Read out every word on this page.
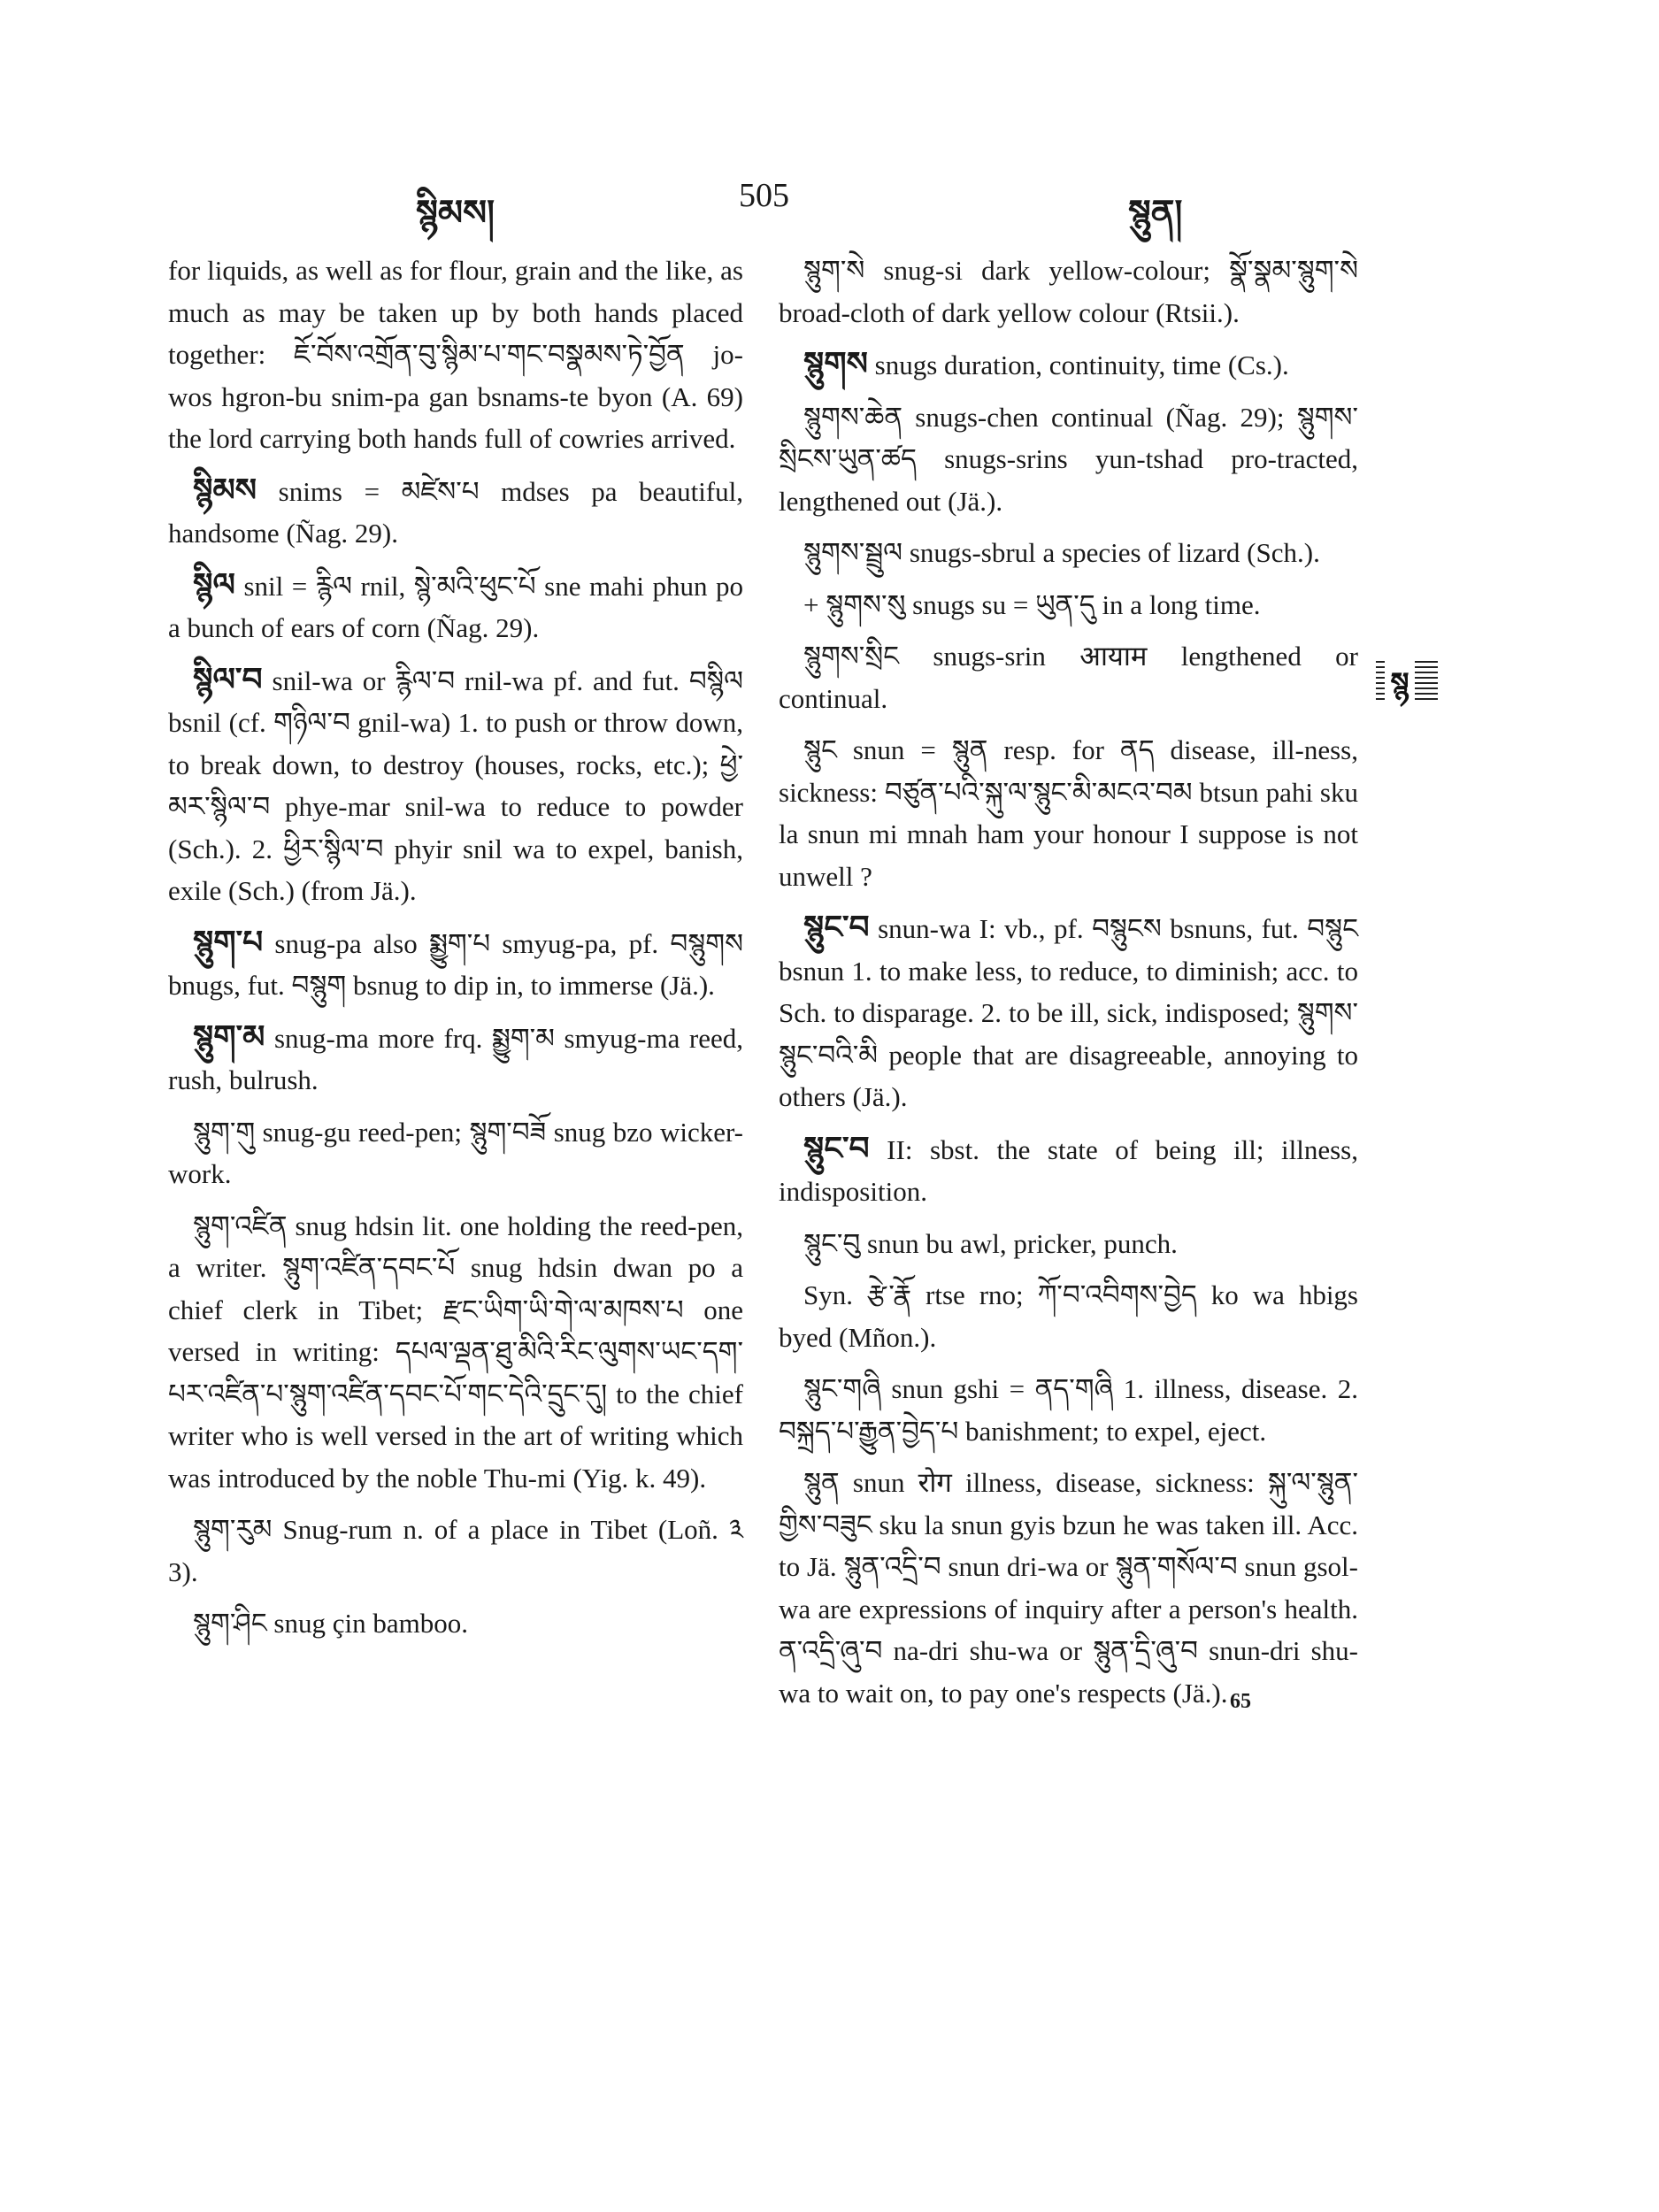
སྙིམས།	505	སྙུན།

for liquids, as well as for flour, grain and the like, as much as may be taken up by both hands placed together: ཇོ་བོས་འགྲོན་བུ་སྙིམ་པ་གང་བསྣམས་ཏེ་བྱོན jo-wos hgron-bu snim-pa gan bsnams-te byon (A. 69) the lord carrying both hands full of cowries arrived.

སྙིམས snims = མཛེས་པ mdses pa beautiful, handsome (Ñag. 29).

སྙིལ snil = རྙིལ rnil, སྙེ་མའི་ཕུང་པོ sne mahi phun po a bunch of ears of corn (Ñag. 29).

སྙིལ་བ snil-wa or རྙིལ་བ rnil-wa pf. and fut. བསྙིལ bsnil (cf. གཉིལ་བ gnil-wa) 1. to push or throw down, to break down, to destroy (houses, rocks, etc.); ཕྱེ་མར་སྙིལ་བ phye-mar snil-wa to reduce to powder (Sch.). 2. ཕྱིར་སྙིལ་བ phyir snil wa to expel, banish, exile (Sch.) (from Jä.).

སྙུག་པ snug-pa also སྨྱུག་པ smyug-pa, pf. བསྙུགས bnugs, fut. བསྙུག bsnug to dip in, to immerse (Jä.).

སྙུག་མ snug-ma more frq. སྨྱུག་མ smyug-ma reed, rush, bulrush.

སྙུག་གུ snug-gu reed-pen; སྙུག་བཟོ snug bzo wicker-work.

སྙུག་འཛིན snug hdsin lit. one holding the reed-pen, a writer. སྙུག་འཛིན་དབང་པོ snug hdsin dwan po a chief clerk in Tibet; རྫང་ཡིག་ཡི་གེ་ལ་མཁས་པ one versed in writing: དཔལ་ལྡན་ཐུ་མིའི་རིང་ལུགས་ཡང་དག་པར་འཛིན་པ་སྙུག་འཛིན་དབང་པོ་གང་དེའི་དྲུང་དུ། to the chief writer who is well versed in the art of writing which was introduced by the noble Thu-mi (Yig. k. 49).

སྙུག་རུམ Snug-rum n. of a place in Tibet (Loñ. ༣ 3).

སྙུག་ཤིང snug çin bamboo.

སྙུག་སེ snug-si dark yellow-colour; སྣོ་སྣམ་སྙུག་སེ broad-cloth of dark yellow colour (Rtsii.).

སྙུགས snugs duration, continuity, time (Cs.).

སྙུགས་ཆེན snugs-chen continual (Ñag. 29); སྙུགས་སྲིངས་ཡུན་ཚད snugs-srins yun-tshad pro-tracted, lengthened out (Jä.).

སྙུགས་སྦྲུལ snugs-sbrul a species of lizard (Sch.).

+ སྙུགས་སུ snugs su = ཡུན་དུ in a long time.

སྙུགས་སྲིང snugs-srin आयाम lengthened or continual.

སྙུང snun = སྙུན resp. for ནད disease, ill-ness, sickness: བཙུན་པའི་སྐུ་ལ་སྙུང་མི་མངའ་བམ btsun pahi sku la snun mi mnah ham your honour I suppose is not unwell ?

སྙུང་བ snun-wa I: vb., pf. བསྙུངས bsnuns, fut. བསྙུང bsnun 1. to make less, to reduce, to diminish; acc. to Sch. to disparage. 2. to be ill, sick, indisposed; སྙུགས་སྙུང་བའི་མི people that are disagreeable, annoying to others (Jä.).

སྙུང་བ II: sbst. the state of being ill; illness, indisposition.

སྙུང་བུ snun bu awl, pricker, punch.

Syn. རྩེ་རྣོ rtse rno; ཀོ་བ་འབིགས་བྱེད ko wa hbigs byed (Mñon.).

སྙུང་གཞི snun gshi = ནད་གཞི 1. illness, disease. 2. བསྐྲད་པ་རྒྱུན་བྱེད་པ banishment; to expel, eject.

སྙུན snun रोग illness, disease, sickness: སྐུ་ལ་སྙུན་གྱིས་བཟུང sku la snun gyis bzun he was taken ill. Acc. to Jä. སྙུན་འདྲི་བ snun dri-wa or སྙུན་གསོལ་བ snun gsol-wa are expressions of inquiry after a person's health. ན་འདྲི་ཞུ་བ na-dri shu-wa or སྙུན་དྲི་ཞུ་བ snun-dri shu-wa to wait on, to pay one's respects (Jä.).

སྙ
65
